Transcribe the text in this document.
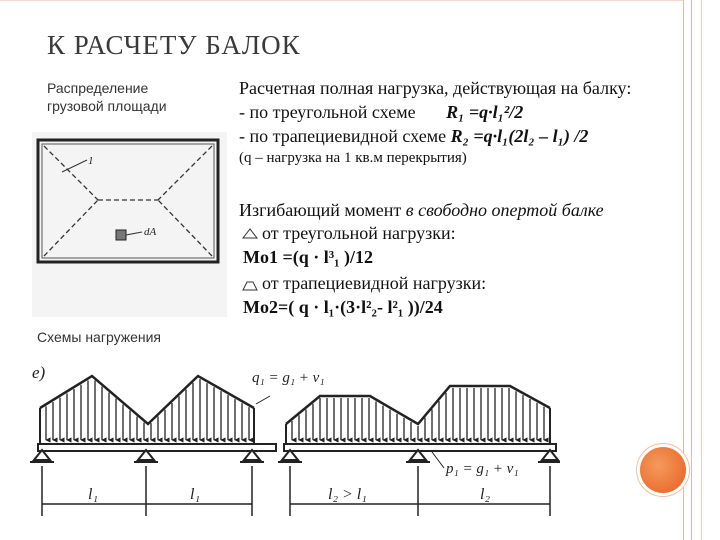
К РАСЧЕТУ БАЛОК
Распределение
грузовой площади
dA
1
Схемы нагружения
Расчетная полная нагрузка, действующая на балку:
- по треугольной схеме R₁ =q·l₁²/2
- по трапециевидной схеме R₂ =q·l₁(2l₂ – l₁) /2
(q – нагрузка на 1 кв.м перекрытия)
Изгибающий момент в свободно опертой балке
от треугольной нагрузки:
Mo1 =(q · l³₁ )/12
от трапециевидной нагрузки:
Mo2=( q · l₁·(3·l²₂- l²₁ ))/24
e)
l₁	l₁
q₁ = g₁ + v₁
l₂ > l₁	l₂
p₁ = g₁ + v₁
